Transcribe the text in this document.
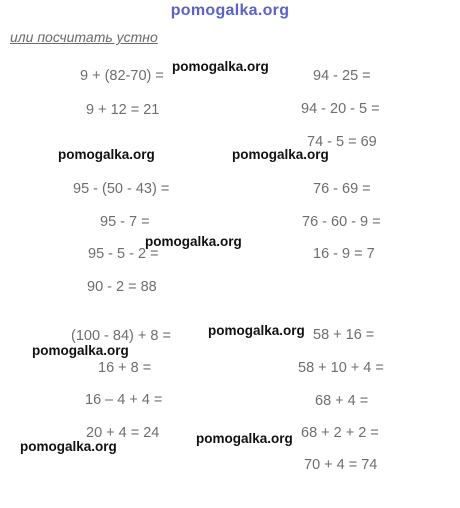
pomogalka.org
или посчитать устно
9 + (82-70) =
9 + 12 = 21
94 - 25 =
94 - 20 - 5 =
74 - 5 = 69
95 - (50 - 43) =
95 - 7 =
95 - 5 - 2 =
90 - 2 = 88
76 - 69 =
76 - 60 - 9 =
16 - 9 = 7
(100 - 84) + 8 =
16 + 8 =
16 – 4 + 4 =
20 + 4 = 24
58 + 16 =
58 + 10 + 4 =
68 + 4 =
68 + 2 + 2 =
70 + 4 = 74
pomogalka.org
pomogalka.org	pomogalka.org
pomogalka.org
pomogalka.org
pomogalka.org
pomogalka.org
pomogalka.org
